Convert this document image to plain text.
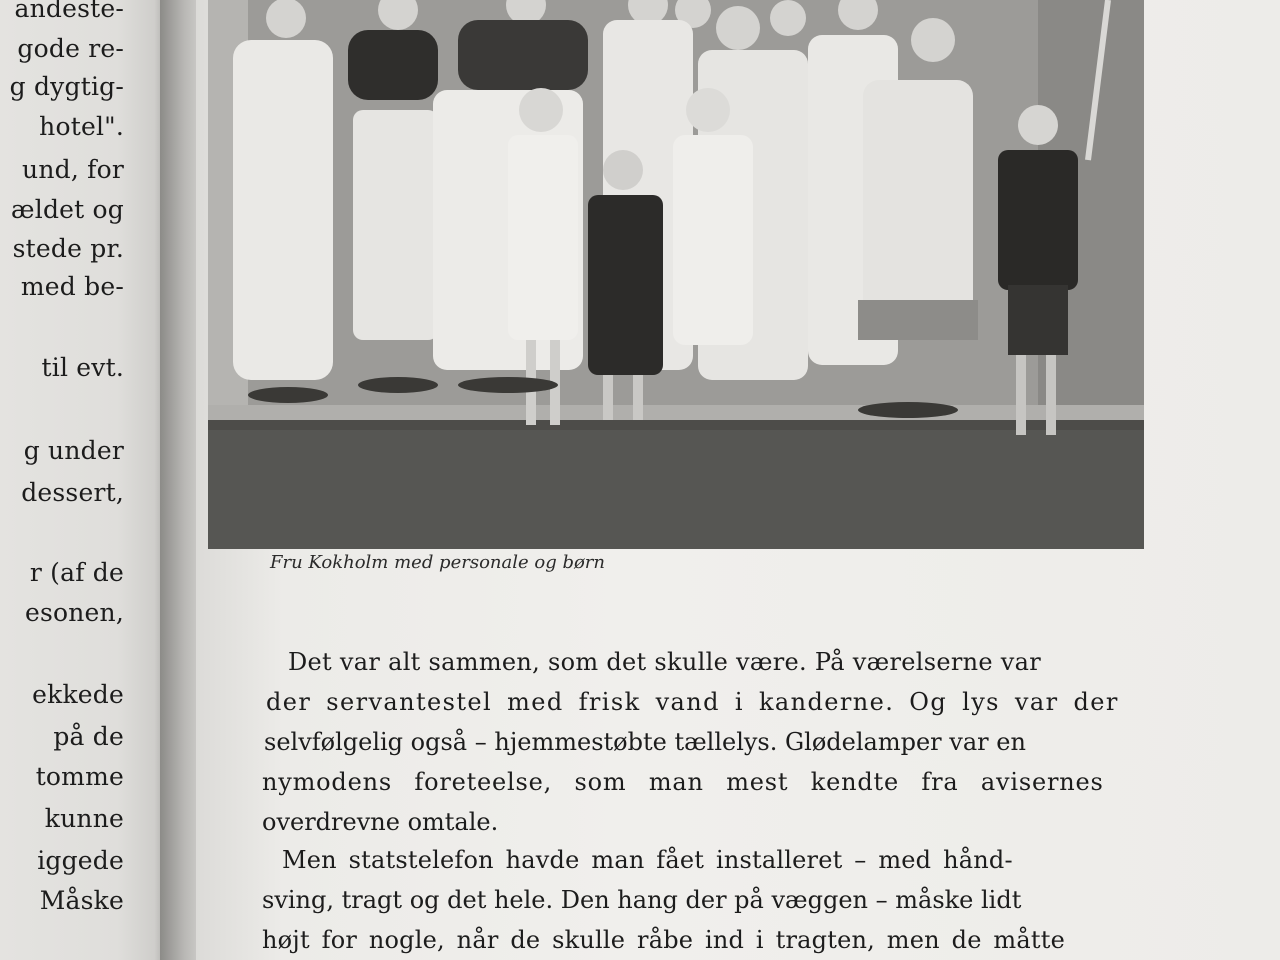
andeste-
gode re-
g dygtig-
hotel".
und, for
ældet og
stede pr.
med be-
til evt.
g under
dessert,
r (af de
esonen,
ekkede
på de
tomme
kunne
iggede
Måske
Fru Kokholm med personale og børn
Det var alt sammen, som det skulle være. På værelserne var
der servantestel med frisk vand i kanderne. Og lys var der
selvfølgelig også – hjemmestøbte tællelys. Glødelamper var en
nymodens foreteelse, som man mest kendte fra avisernes
overdrevne omtale.
Men statstelefon havde man fået installeret – med hånd-
sving, tragt og det hele. Den hang der på væggen – måske lidt
højt for nogle, når de skulle råbe ind i tragten, men de måtte
